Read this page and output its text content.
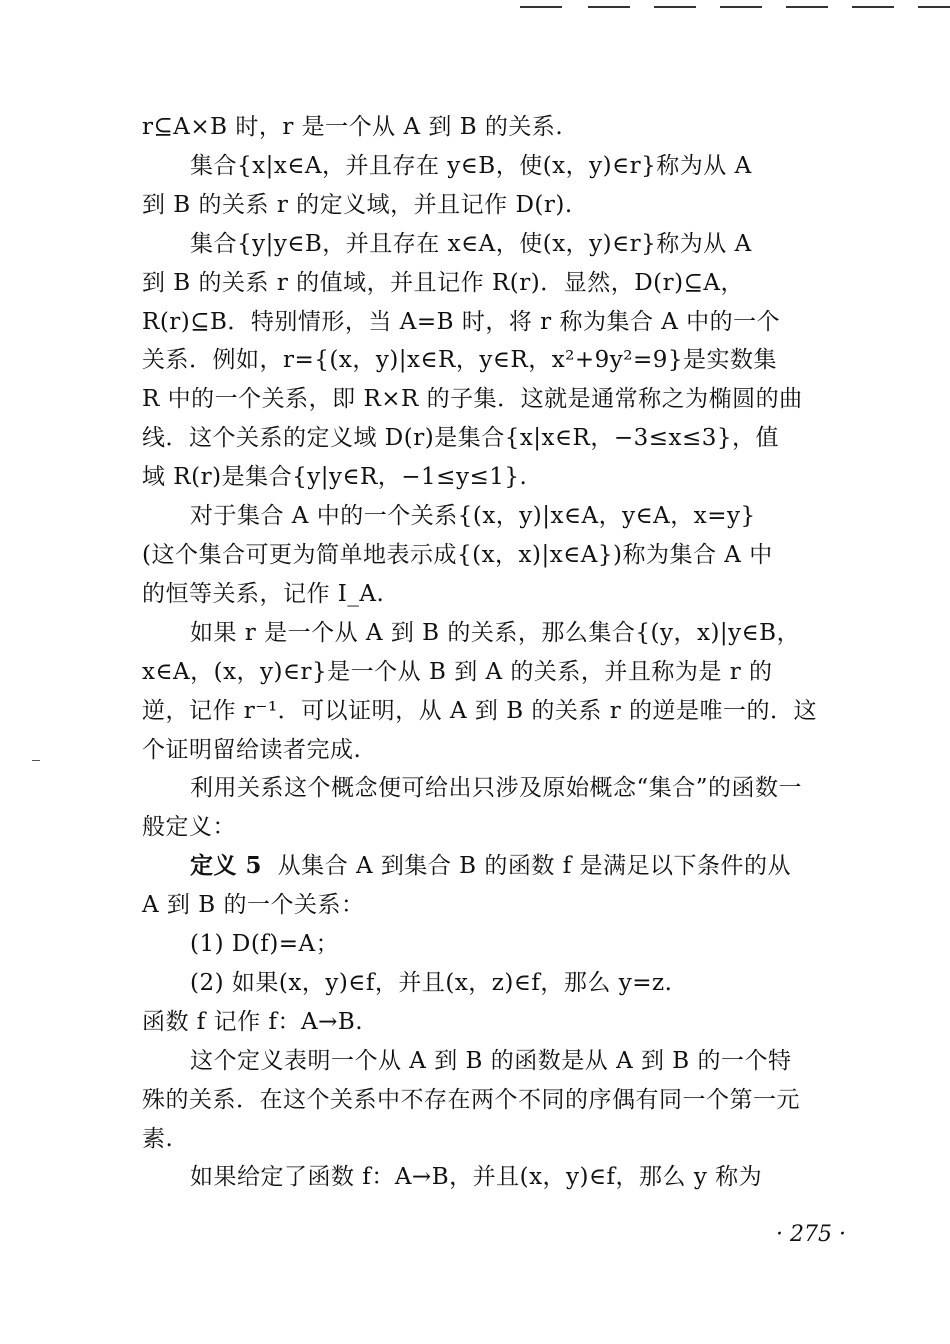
r⊆A×B 时，r 是一个从 A 到 B 的关系.
集合{x|x∈A，并且存在 y∈B，使(x，y)∈r}称为从 A
到 B 的关系 r 的定义域，并且记作 D(r).
集合{y|y∈B，并且存在 x∈A，使(x，y)∈r}称为从 A
到 B 的关系 r 的值域，并且记作 R(r)．显然，D(r)⊆A，
R(r)⊆B．特别情形，当 A=B 时，将 r 称为集合 A 中的一个
关系．例如，r={(x，y)|x∈R，y∈R，x²+9y²=9}是实数集
R 中的一个关系，即 R×R 的子集．这就是通常称之为椭圆的曲
线．这个关系的定义域 D(r)是集合{x|x∈R，−3≤x≤3}，值
域 R(r)是集合{y|y∈R，−1≤y≤1}.
对于集合 A 中的一个关系{(x，y)|x∈A，y∈A，x=y}
(这个集合可更为简单地表示成{(x，x)|x∈A})称为集合 A 中
的恒等关系，记作 I_A.
如果 r 是一个从 A 到 B 的关系，那么集合{(y，x)|y∈B，
x∈A，(x，y)∈r}是一个从 B 到 A 的关系，并且称为是 r 的
逆，记作 r⁻¹．可以证明，从 A 到 B 的关系 r 的逆是唯一的．这
个证明留给读者完成.
利用关系这个概念便可给出只涉及原始概念“集合”的函数一
般定义：
定义 5 从集合 A 到集合 B 的函数 f 是满足以下条件的从
A 到 B 的一个关系：
(1) D(f)=A；
(2) 如果(x，y)∈f，并且(x，z)∈f，那么 y=z.
函数 f 记作 f：A→B.
这个定义表明一个从 A 到 B 的函数是从 A 到 B 的一个特
殊的关系．在这个关系中不存在两个不同的序偶有同一个第一元
素.
如果给定了函数 f：A→B，并且(x，y)∈f，那么 y 称为
· 275 ·
